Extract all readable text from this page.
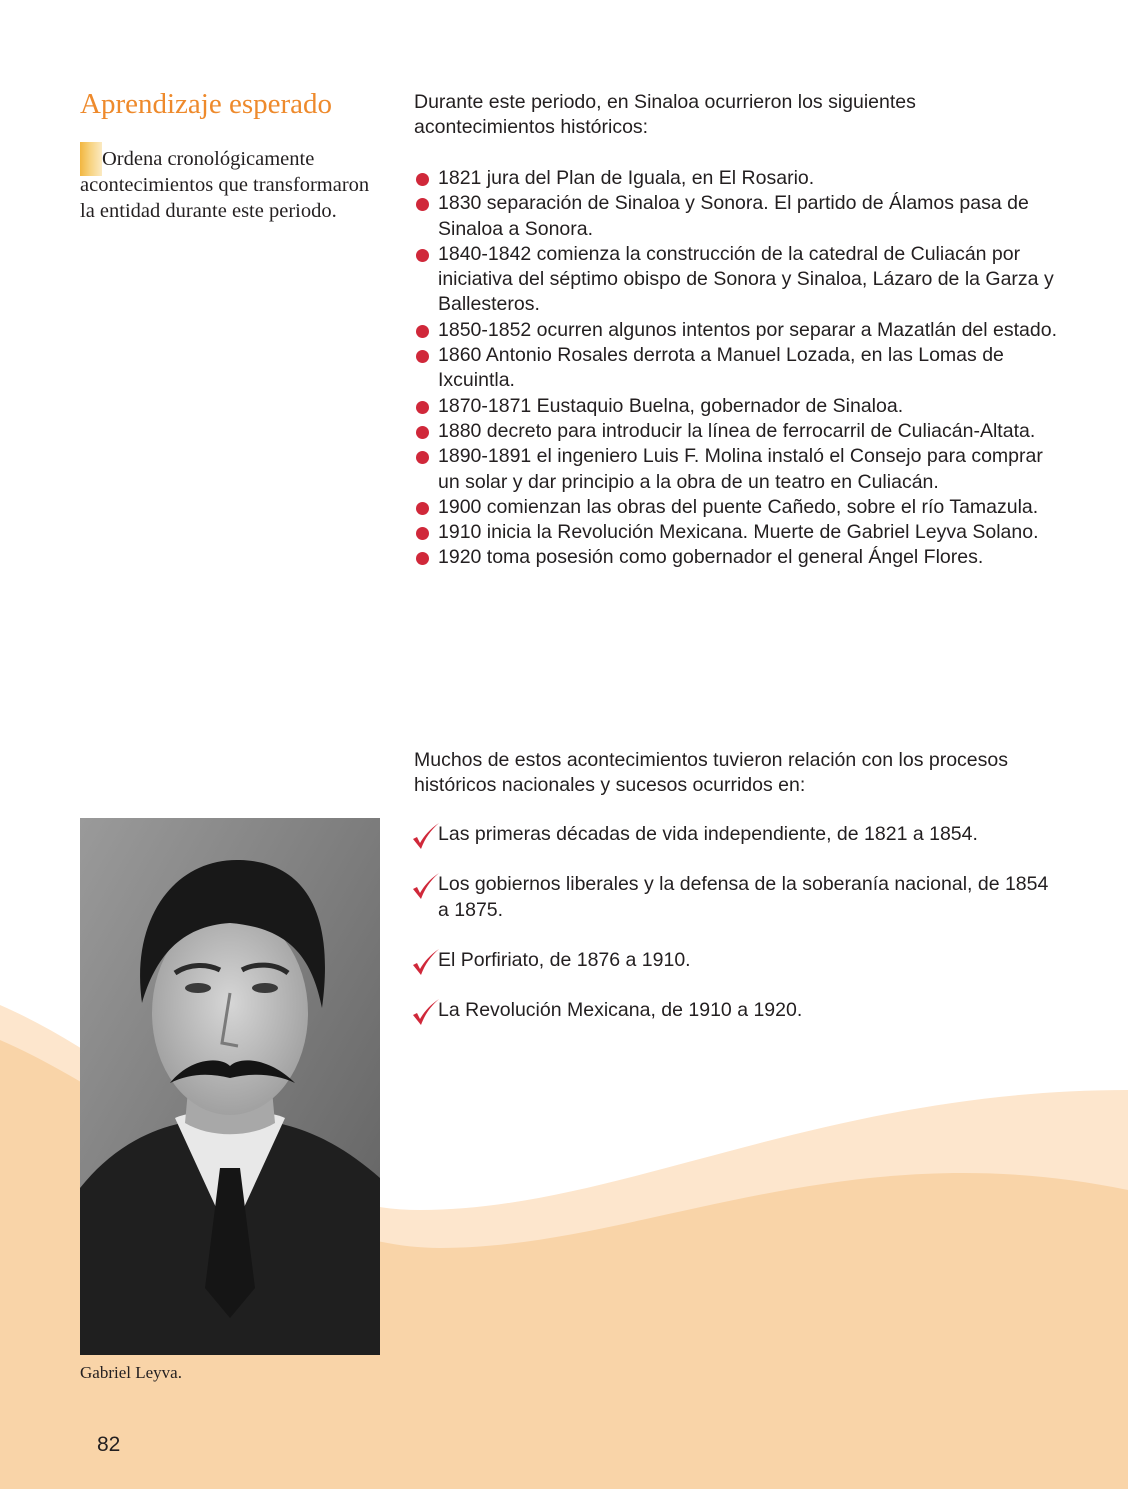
Aprendizaje esperado

Ordena cronológicamente acontecimientos que transformaron la entidad durante este periodo.

Durante este periodo, en Sinaloa ocurrieron los siguientes acontecimientos históricos:

1821 jura del Plan de Iguala, en El Rosario.
1830 separación de Sinaloa y Sonora. El partido de Álamos pasa de Sinaloa a Sonora.
1840-1842 comienza la construcción de la catedral de Culiacán por iniciativa del séptimo obispo de Sonora y Sinaloa, Lázaro de la Garza y Ballesteros.
1850-1852 ocurren algunos intentos por separar a Mazatlán del estado.
1860 Antonio Rosales derrota a Manuel Lozada, en las Lomas de Ixcuintla.
1870-1871 Eustaquio Buelna, gobernador de Sinaloa.
1880 decreto para introducir la línea de ferrocarril de Culiacán-Altata.
1890-1891 el ingeniero Luis F. Molina instaló el Consejo para comprar un solar y dar principio a la obra de un teatro en Culiacán.
1900 comienzan las obras del puente Cañedo, sobre el río Tamazula.
1910 inicia la Revolución Mexicana. Muerte de Gabriel Leyva Solano.
1920 toma posesión como gobernador el general Ángel Flores.

Muchos de estos acontecimientos tuvieron relación con los procesos históricos nacionales y sucesos ocurridos en:

Las primeras décadas de vida independiente, de 1821 a 1854.
Los gobiernos liberales y la defensa de la soberanía nacional, de 1854 a 1875.
El Porfiriato, de 1876 a 1910.
La Revolución Mexicana, de 1910 a 1920.

Gabriel Leyva.

82
